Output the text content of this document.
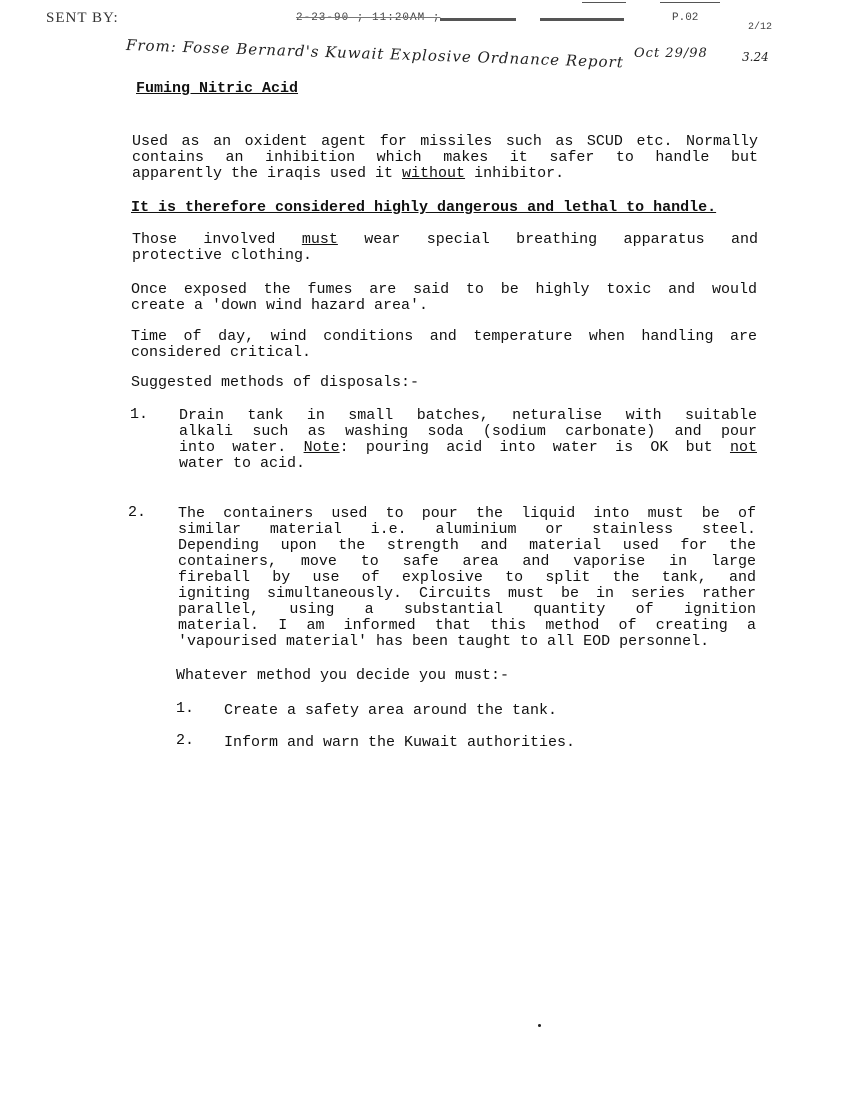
SENT BY:	2-23-90 ; 11:20AM ;	P.02
2/12
From: Fosse Bernard's Kuwait Explosive Ordnance Report Oct 29/98	3.24
Fuming Nitric Acid
Used as an oxident agent for missiles such as SCUD etc. Normally
contains an inhibition which makes it safer to handle but
apparently the iraqis used it without inhibitor.
It is therefore considered highly dangerous and lethal to handle.
Those involved must wear special breathing apparatus and
protective clothing.
Once exposed the fumes are said to be highly toxic and would
create a 'down wind hazard area'.
Time of day, wind conditions and temperature when handling are
considered critical.
Suggested methods of disposals:-
1. Drain tank in small batches, neturalise with suitable
alkali such as washing soda (sodium carbonate) and pour
into water. Note: pouring acid into water is OK but not
water to acid.
2. The containers used to pour the liquid into must be of
similar material i.e. aluminium or stainless steel.
Depending upon the strength and material used for the
containers, move to safe area and vaporise in large
fireball by use of explosive to split the tank, and
igniting simultaneously. Circuits must be in series rather
parallel, using a substantial quantity of ignition
material. I am informed that this method of creating a
'vapourised material' has been taught to all EOD personnel.
Whatever method you decide you must:-
1. Create a safety area around the tank.
2. Inform and warn the Kuwait authorities.
